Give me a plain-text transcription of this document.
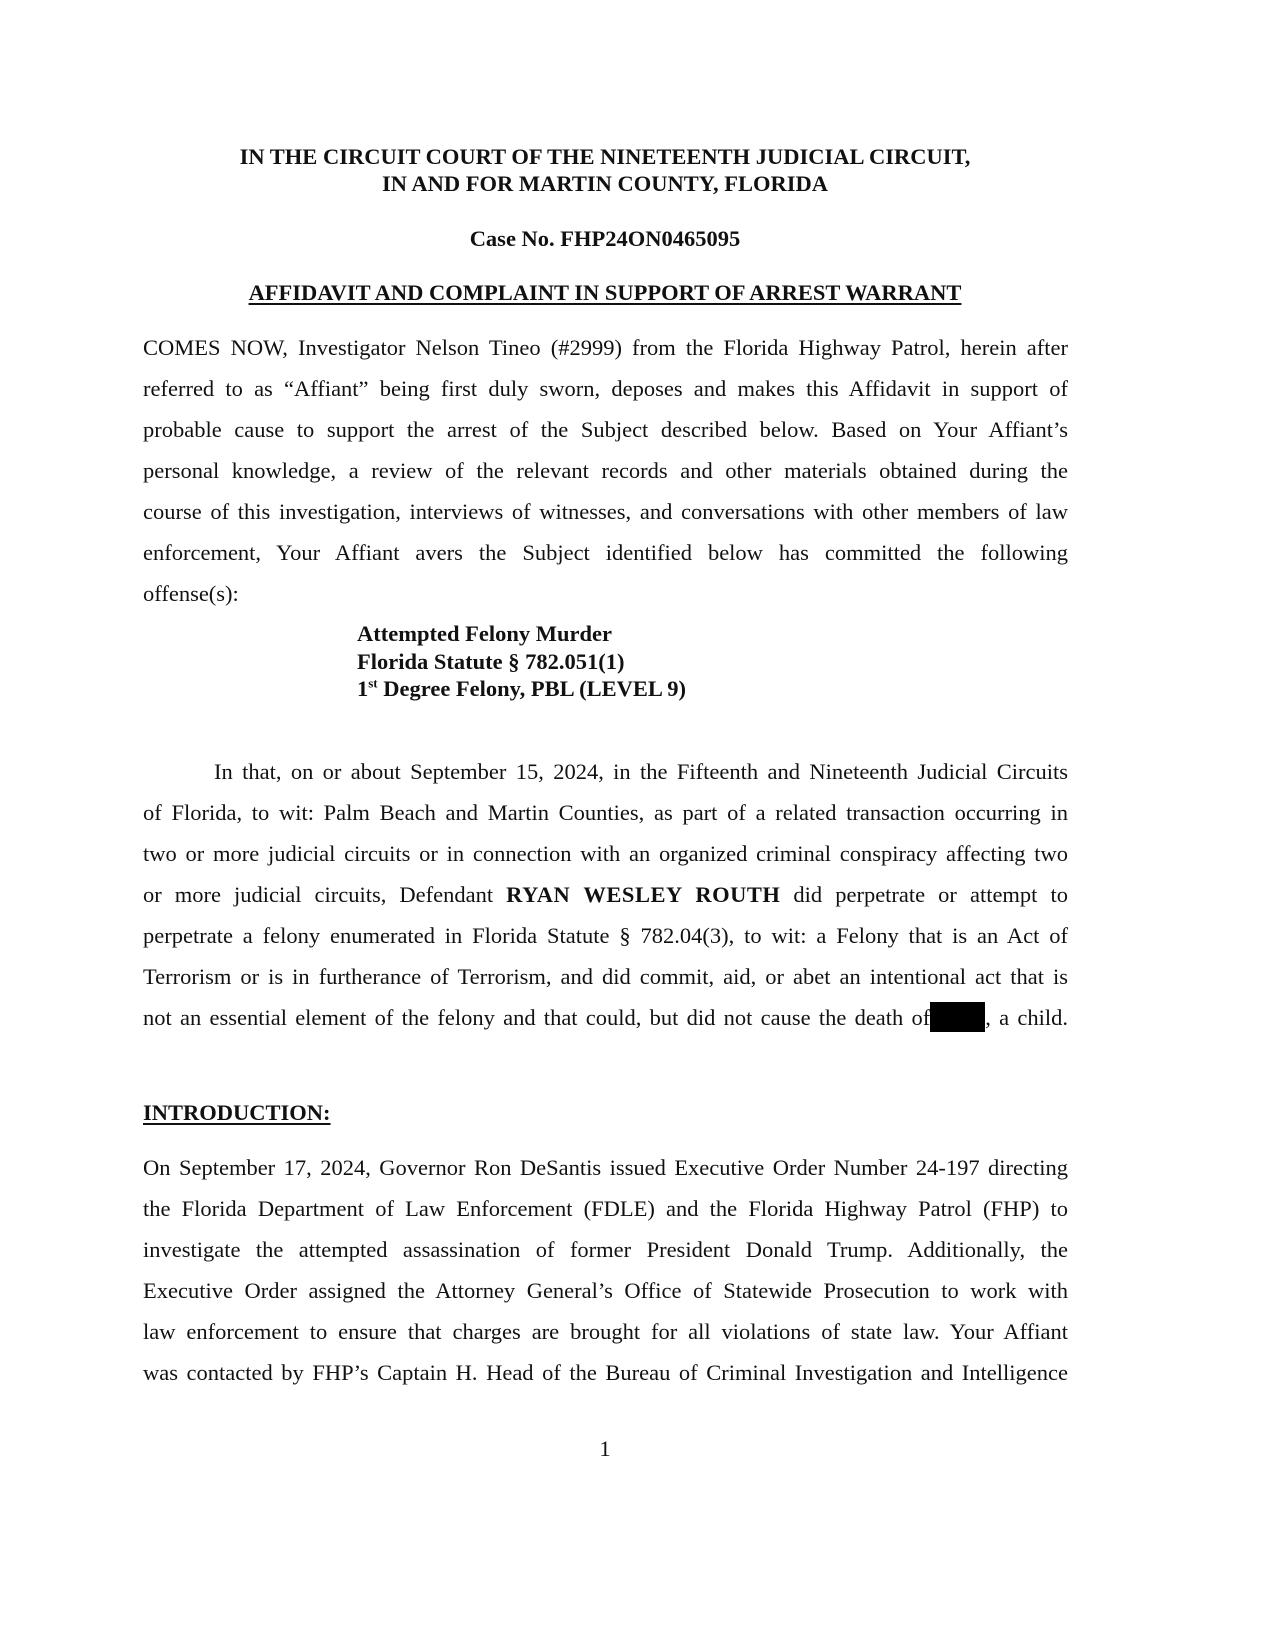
IN THE CIRCUIT COURT OF THE NINETEENTH JUDICIAL CIRCUIT,
IN AND FOR MARTIN COUNTY, FLORIDA
Case No. FHP24ON0465095
AFFIDAVIT AND COMPLAINT IN SUPPORT OF ARREST WARRANT
COMES NOW, Investigator Nelson Tineo (#2999) from the Florida Highway Patrol, herein after
referred to as “Affiant” being first duly sworn, deposes and makes this Affidavit in support of
probable cause to support the arrest of the Subject described below. Based on Your Affiant’s
personal knowledge, a review of the relevant records and other materials obtained during the
course of this investigation, interviews of witnesses, and conversations with other members of law
enforcement, Your Affiant avers the Subject identified below has committed the following
offense(s):
Attempted Felony Murder
Florida Statute § 782.051(1)
1st Degree Felony, PBL (LEVEL 9)
In that, on or about September 15, 2024, in the Fifteenth and Nineteenth Judicial Circuits
of Florida, to wit: Palm Beach and Martin Counties, as part of a related transaction occurring in
two or more judicial circuits or in connection with an organized criminal conspiracy affecting two
or more judicial circuits, Defendant RYAN WESLEY ROUTH did perpetrate or attempt to
perpetrate a felony enumerated in Florida Statute § 782.04(3), to wit: a Felony that is an Act of
Terrorism or is in furtherance of Terrorism, and did commit, aid, or abet an intentional act that is
not an essential element of the felony and that could, but did not cause the death of , a child.
INTRODUCTION:
On September 17, 2024, Governor Ron DeSantis issued Executive Order Number 24-197 directing
the Florida Department of Law Enforcement (FDLE) and the Florida Highway Patrol (FHP) to
investigate the attempted assassination of former President Donald Trump. Additionally, the
Executive Order assigned the Attorney General’s Office of Statewide Prosecution to work with
law enforcement to ensure that charges are brought for all violations of state law. Your Affiant
was contacted by FHP’s Captain H. Head of the Bureau of Criminal Investigation and Intelligence
1
